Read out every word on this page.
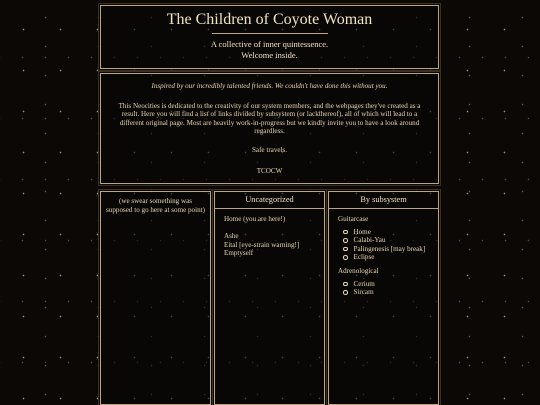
The Children of Coyote Woman

A collective of inner quintessence.

Welcome inside.

Inspired by our incredibly talented friends. We couldn't have done this without you.

This Neocities is dedicated to the creativity of our system members, and the webpages they've created as a result. Here you will find a list of links divided by subsystem (or lackthereof), all of which will lead to a different original page. Most are heavily work-in-progress but we kindly invite you to have a look around regardless.

Safe travels.

TCOCW

(we swear something was supposed to go here at some point)
Uncategorized
Home (you are here!)
Ashe
Eital [eye-strain warning!]
Emptyself
By subsystem
Guitarcase
Home
Calabi-Yau
Palingenesis [may break]
Eclipse
Adrenological
Cerium
Sircam
